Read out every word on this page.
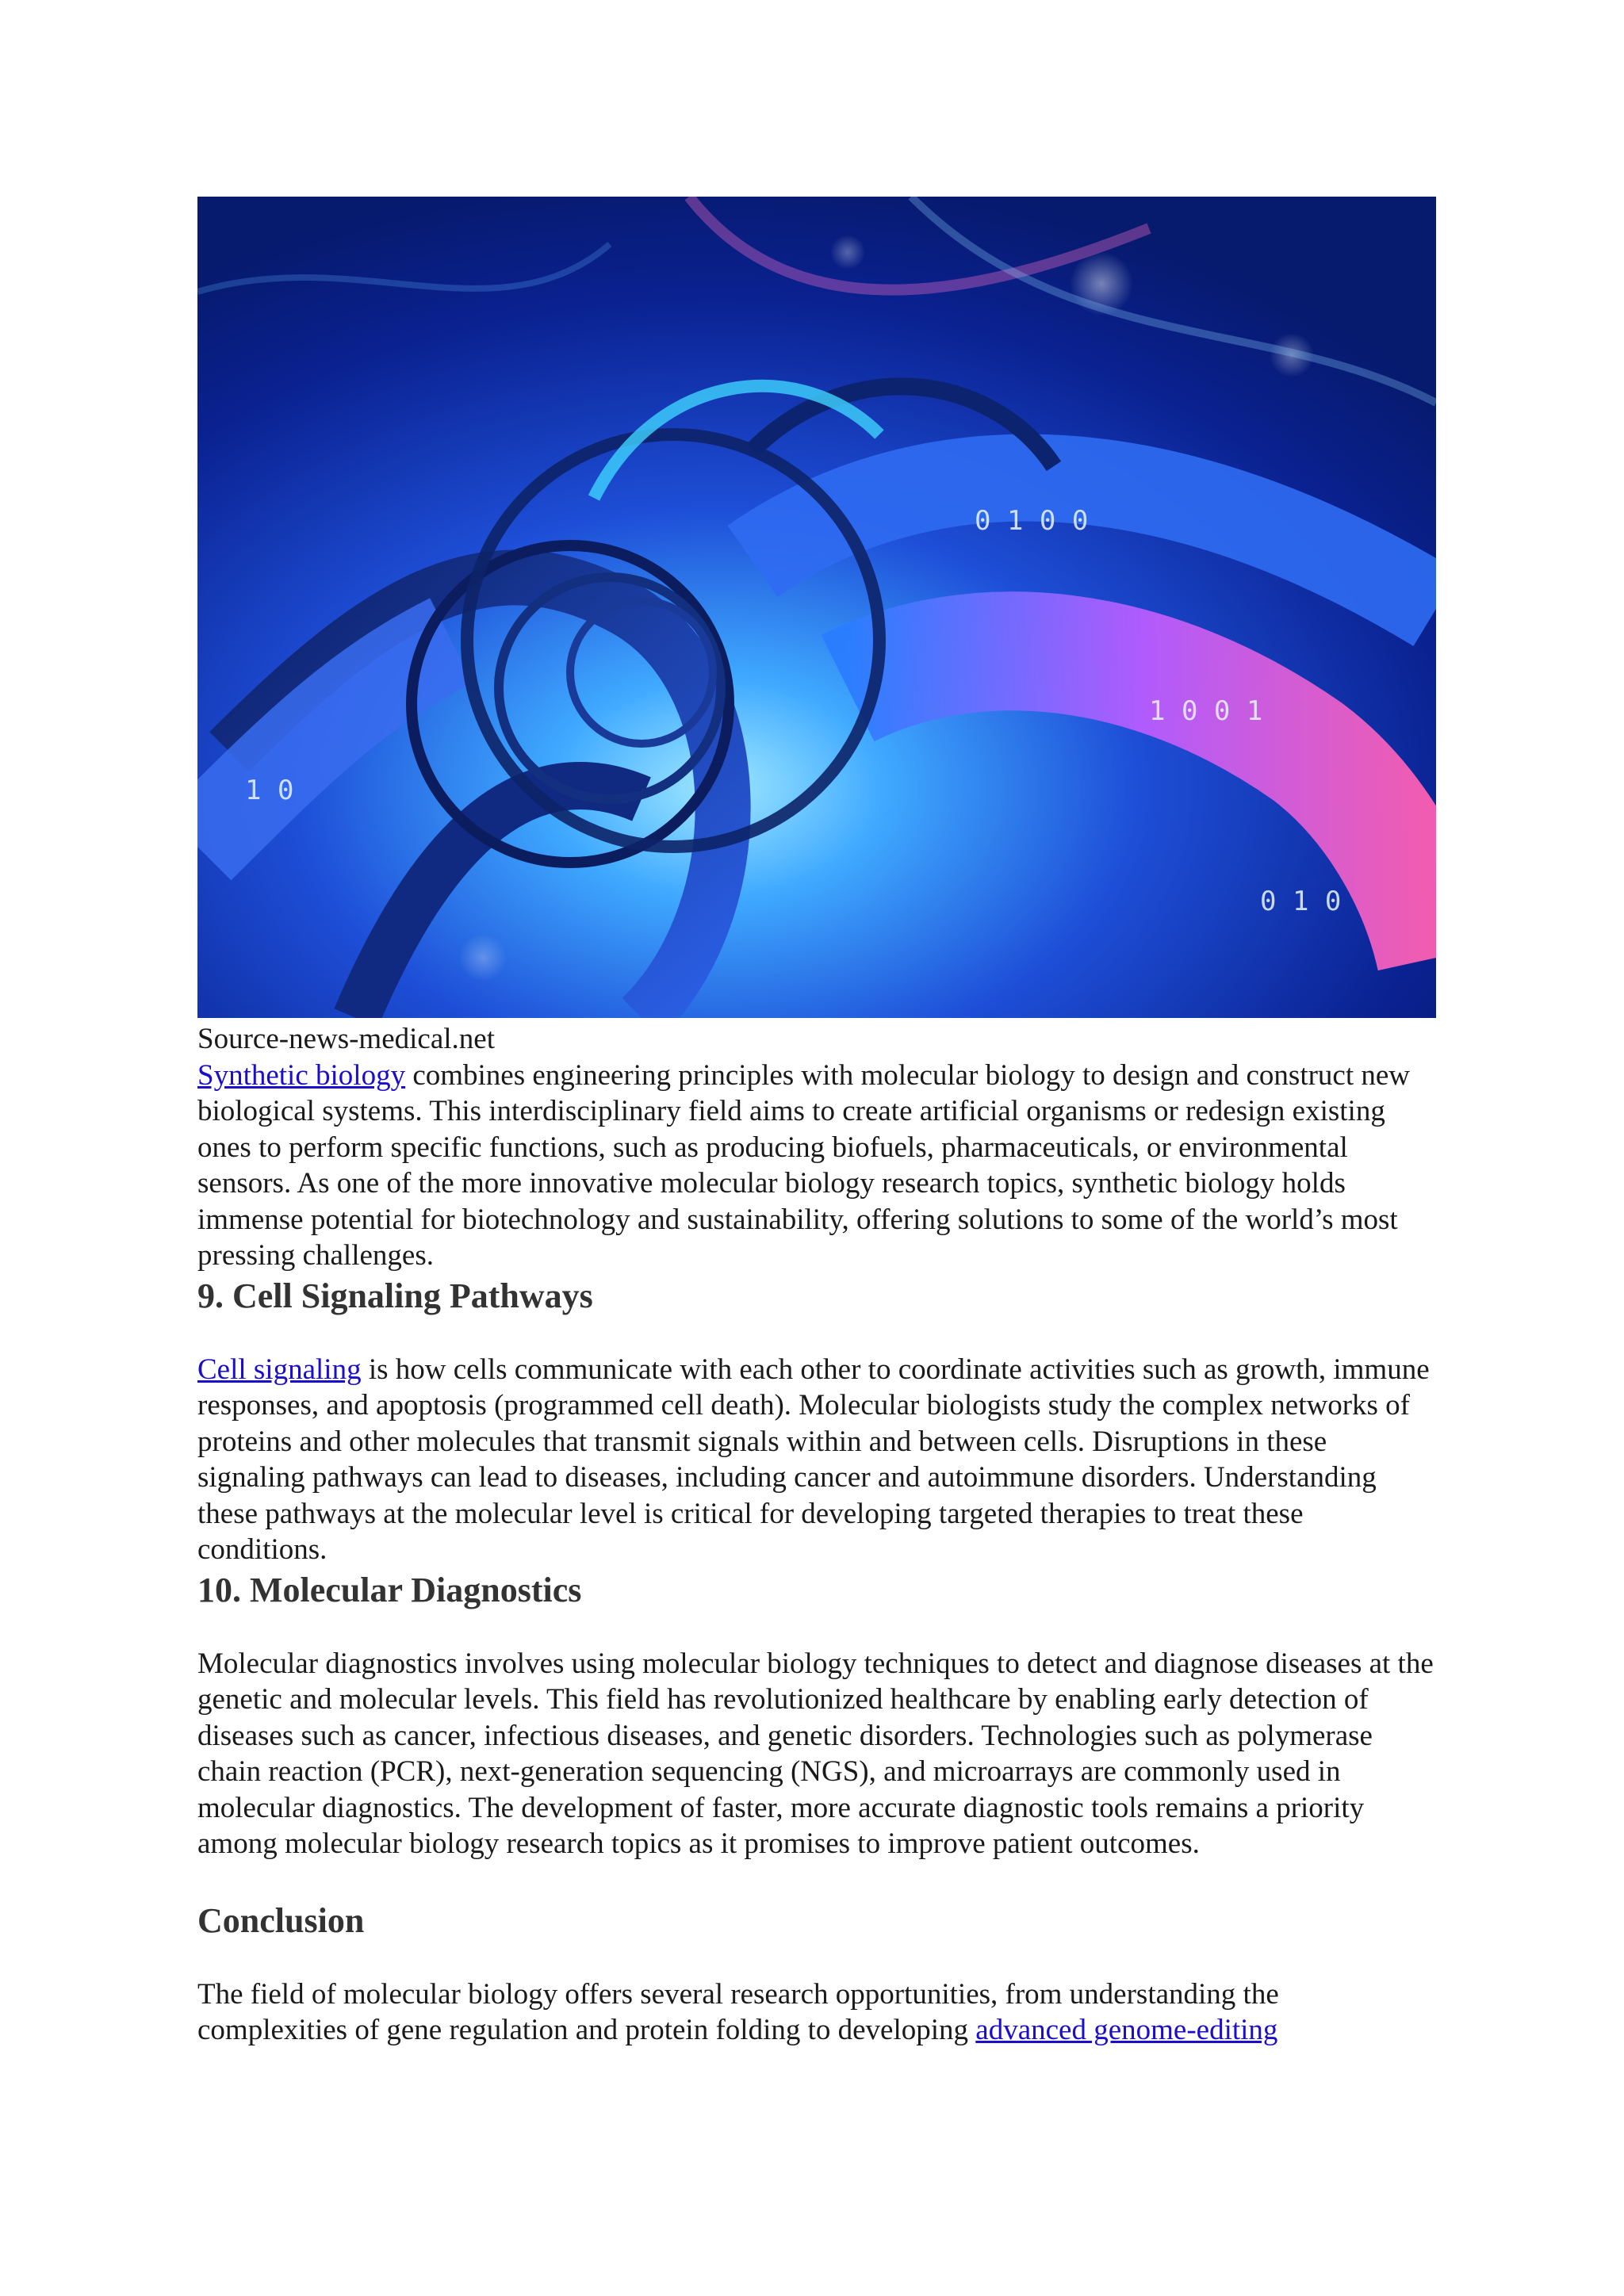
0 1 0
1 0 0 1
1 0
0 1 0 0

Source-news-medical.net

Synthetic biology combines engineering principles with molecular biology to design and construct new biological systems. This interdisciplinary field aims to create artificial organisms or redesign existing ones to perform specific functions, such as producing biofuels, pharmaceuticals, or environmental sensors. As one of the more innovative molecular biology research topics, synthetic biology holds immense potential for biotechnology and sustainability, offering solutions to some of the world’s most pressing challenges.

9. Cell Signaling Pathways

Cell signaling is how cells communicate with each other to coordinate activities such as growth, immune responses, and apoptosis (programmed cell death). Molecular biologists study the complex networks of proteins and other molecules that transmit signals within and between cells. Disruptions in these signaling pathways can lead to diseases, including cancer and autoimmune disorders. Understanding these pathways at the molecular level is critical for developing targeted therapies to treat these conditions.

10. Molecular Diagnostics

Molecular diagnostics involves using molecular biology techniques to detect and diagnose diseases at the genetic and molecular levels. This field has revolutionized healthcare by enabling early detection of diseases such as cancer, infectious diseases, and genetic disorders. Technologies such as polymerase chain reaction (PCR), next-generation sequencing (NGS), and microarrays are commonly used in molecular diagnostics. The development of faster, more accurate diagnostic tools remains a priority among molecular biology research topics as it promises to improve patient outcomes.

Conclusion

The field of molecular biology offers several research opportunities, from understanding the complexities of gene regulation and protein folding to developing advanced genome-editing
